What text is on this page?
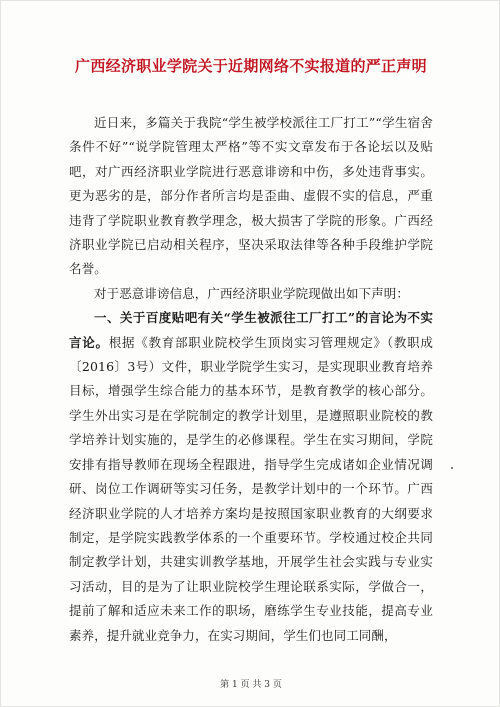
广西经济职业学院关于近期网络不实报道的严正声明

近日来，多篇关于我院“学生被学校派往工厂打工”“学生宿舍条件不好”“说学院管理太严格”等不实文章发布于各论坛以及贴吧，对广西经济职业学院进行恶意诽谤和中伤，多处违背事实。更为恶劣的是，部分作者所言均是歪曲、虚假不实的信息，严重违背了学院职业教育教学理念，极大损害了学院的形象。广西经济职业学院已启动相关程序，坚决采取法律等各种手段维护学院名誉。

对于恶意诽谤信息，广西经济职业学院现做出如下声明：

一、关于百度贴吧有关“学生被派往工厂打工”的言论为不实言论。根据《教育部职业院校学生顶岗实习管理规定》（教职成〔2016〕3号）文件，职业学院学生实习，是实现职业教育培养目标，增强学生综合能力的基本环节，是教育教学的核心部分。学生外出实习是在学院制定的教学计划里，是遵照职业院校的教学培养计划实施的，是学生的必修课程。学生在实习期间，学院安排有指导教师在现场全程跟进，指导学生完成诸如企业情况调研、岗位工作调研等实习任务，是教学计划中的一个环节。广西经济职业学院的人才培养方案均是按照国家职业教育的大纲要求制定，是学院实践教学体系的一个重要环节。学校通过校企共同制定教学计划，共建实训教学基地，开展学生社会实践与专业实习活动，目的是为了让职业院校学生理论联系实际，学做合一，提前了解和适应未来工作的职场，磨练学生专业技能，提高专业素养，提升就业竞争力，在实习期间，学生们也同工同酬，

第 1 页 共 3 页
